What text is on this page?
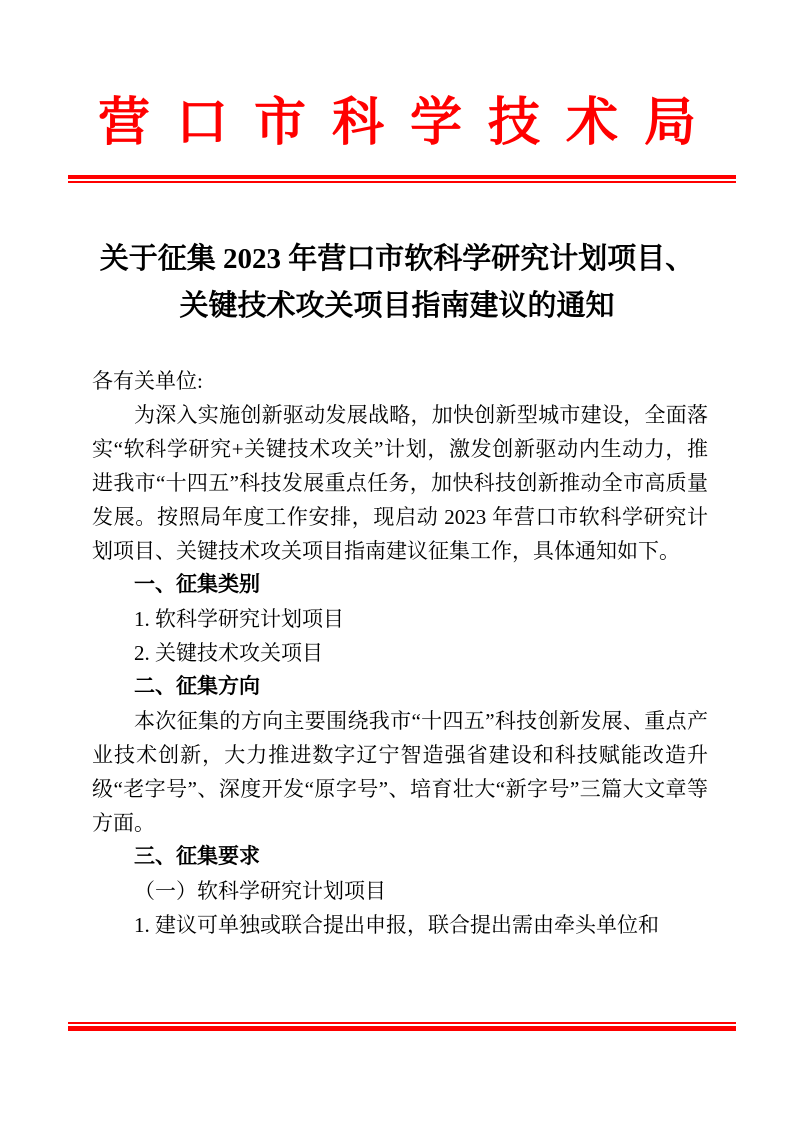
营口市科学技术局
关于征集 2023 年营口市软科学研究计划项目、
关键技术攻关项目指南建议的通知

各有关单位:

为深入实施创新驱动发展战略，加快创新型城市建设，全面落实“软科学研究+关键技术攻关”计划，激发创新驱动内生动力，推进我市“十四五”科技发展重点任务，加快科技创新推动全市高质量发展。按照局年度工作安排，现启动 2023 年营口市软科学研究计划项目、关键技术攻关项目指南建议征集工作，具体通知如下。

一、征集类别

1. 软科学研究计划项目

2. 关键技术攻关项目

二、征集方向

本次征集的方向主要围绕我市“十四五”科技创新发展、重点产业技术创新，大力推进数字辽宁智造强省建设和科技赋能改造升级“老字号”、深度开发“原字号”、培育壮大“新字号”三篇大文章等方面。

三、征集要求

（一）软科学研究计划项目

1. 建议可单独或联合提出申报，联合提出需由牵头单位和
